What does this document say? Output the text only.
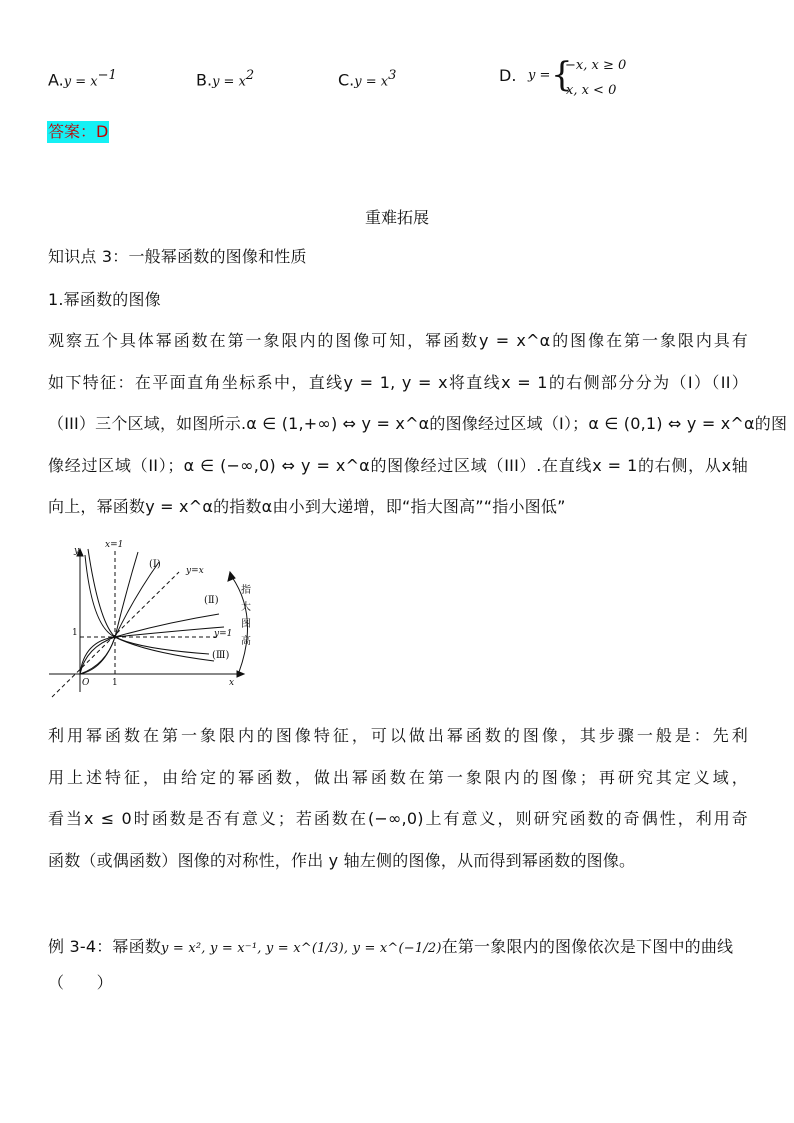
$A.y = x^{-1}$	$B.y = x^2$	$C.y = x^3$	D. y = {
−x, x ≥ 0
x, x < 0
答案：D
重难拓展
知识点 3：一般幂函数的图像和性质
1.幂函数的图像
观察五个具体幂函数在第一象限内的图像可知，幂函数y = x^α的图像在第一象限内具有
如下特征：在平面直角坐标系中，直线y = 1, y = x将直线x = 1的右侧部分分为（I）（II）
（III）三个区域，如图所示.α ∈ (1,+∞) ⇔ y = x^α的图像经过区域（I）；α ∈ (0,1) ⇔ y = x^α的图
像经过区域（II）；α ∈ (−∞,0) ⇔ y = x^α的图像经过区域（III）.在直线x = 1的右侧，从x轴
向上，幂函数y = x^α的指数α由小到大递增，即“指大图高”“指小图低”
y
x
x=1
y=x
y=1
(Ⅰ)
(Ⅱ)
(Ⅲ)
1
1
O
指
大
图
高
利用幂函数在第一象限内的图像特征，可以做出幂函数的图像，其步骤一般是：先利
用上述特征，由给定的幂函数，做出幂函数在第一象限内的图像；再研究其定义域，
看当x ≤ 0时函数是否有意义；若函数在(−∞,0)上有意义，则研究函数的奇偶性，利用奇
函数（或偶函数）图像的对称性，作出 y 轴左侧的图像，从而得到幂函数的图像。
例 3-4：幂函数y = x², y = x⁻¹, y = x^(1/3), y = x^(−1/2)在第一象限内的图像依次是下图中的曲线
（　　）
